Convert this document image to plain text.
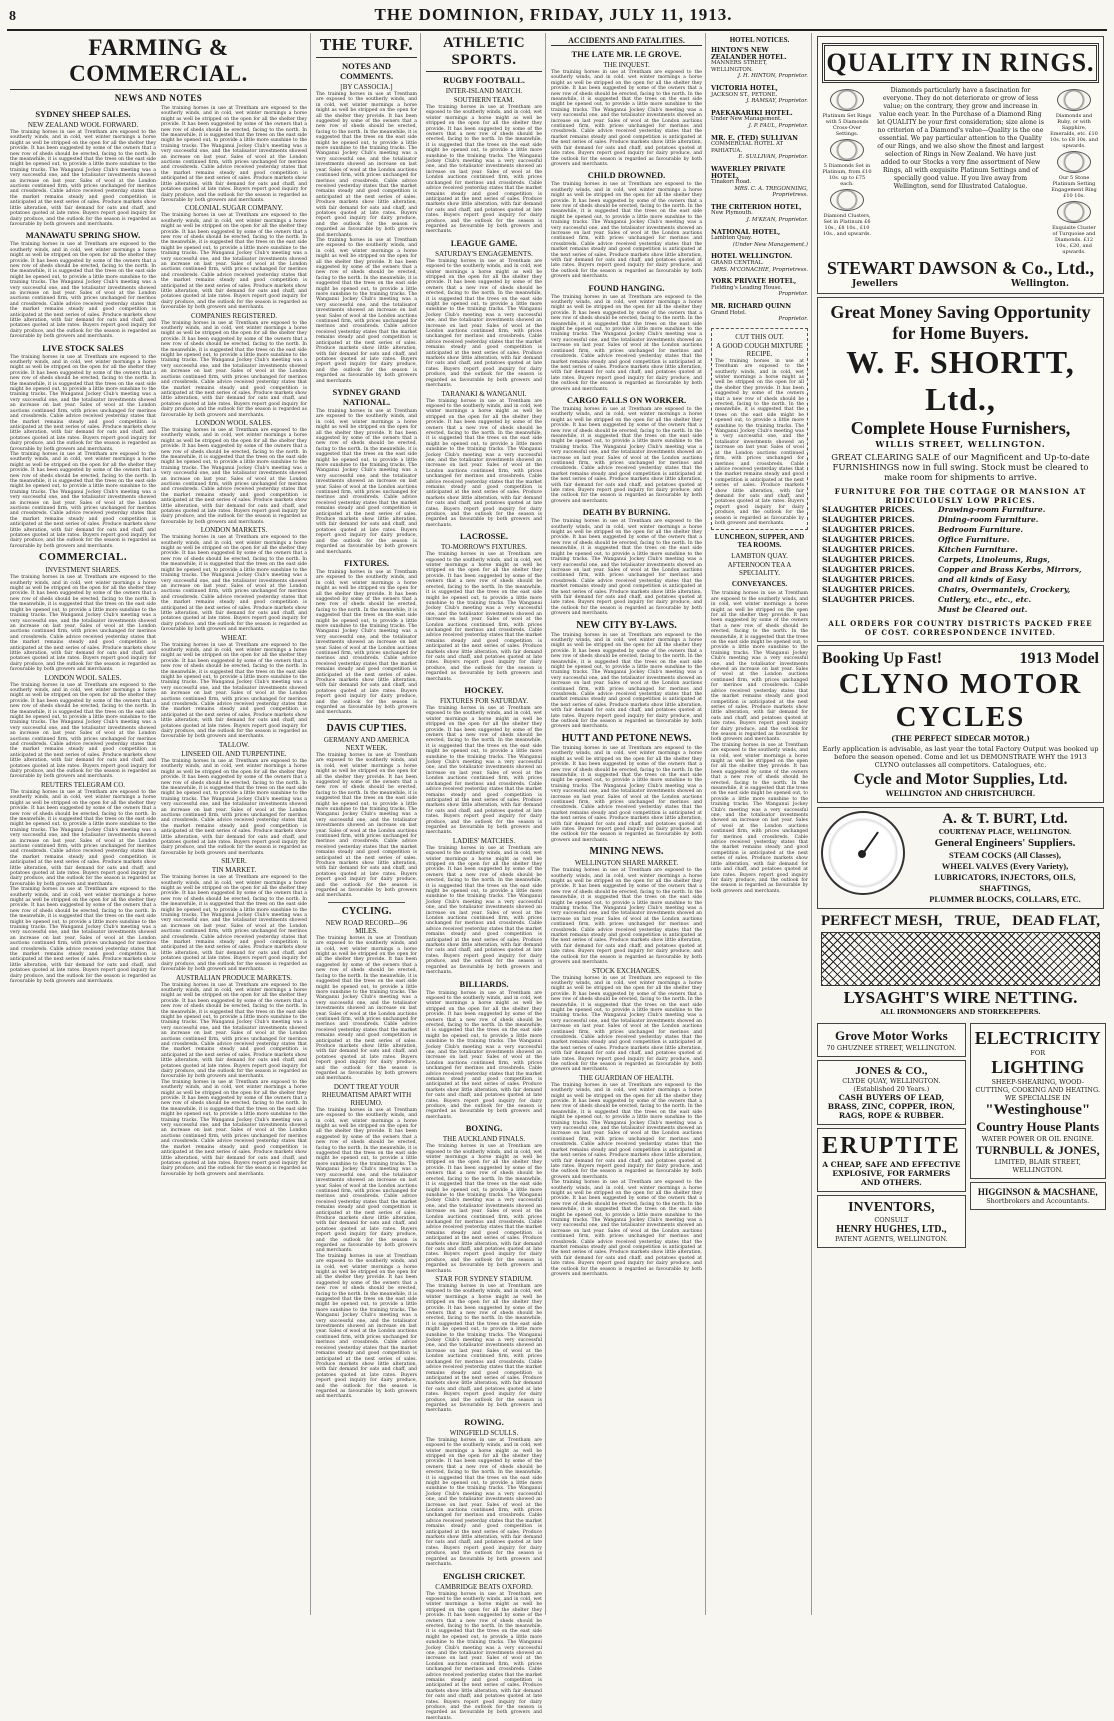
8	THE DOMINION, FRIDAY, JULY 11, 1913.
FARMING & COMMERCIAL.
NEWS AND NOTES
SYDNEY SHEEP SALES.
NEW ZEALAND WOOL FORWARD.

The training horses in use at Trentham are exposed to the southerly winds, and in cold, wet winter mornings a horse might as well be stripped on the open for all the shelter they provide. It has been suggested by some of the owners that a new row of sheds should be erected, facing to the north. In the meanwhile, it is suggested that the trees on the east side might be opened out, to provide a little more sunshine to the training tracks. The Wanganui Jockey Club's meeting was a very successful one, and the totalisator investments showed an increase on last year. Sales of wool at the London auctions continued firm, with prices unchanged for merinos and crossbreds. Cable advice received yesterday states that the market remains steady and good competition is anticipated at the next series of sales. Produce markets show little alteration, with fair demand for oats and chaff, and potatoes quoted at late rates. Buyers report good inquiry for dairy produce, and the outlook for the season is regarded as favourable by both growers and merchants.

MANAWATU SPRING SHOW.

The training horses in use at Trentham are exposed to the southerly winds, and in cold, wet winter mornings a horse might as well be stripped on the open for all the shelter they provide. It has been suggested by some of the owners that a new row of sheds should be erected, facing to the north. In the meanwhile, it is suggested that the trees on the east side might be opened out, to provide a little more sunshine to the training tracks. The Wanganui Jockey Club's meeting was a very successful one, and the totalisator investments showed an increase on last year. Sales of wool at the London auctions continued firm, with prices unchanged for merinos and crossbreds. Cable advice received yesterday states that the market remains steady and good competition is anticipated at the next series of sales. Produce markets show little alteration, with fair demand for oats and chaff, and potatoes quoted at late rates. Buyers report good inquiry for dairy produce, and the outlook for the season is regarded as favourable by both growers and merchants.

LIVE STOCK SALES

The training horses in use at Trentham are exposed to the southerly winds, and in cold, wet winter mornings a horse might as well be stripped on the open for all the shelter they provide. It has been suggested by some of the owners that a new row of sheds should be erected, facing to the north. In the meanwhile, it is suggested that the trees on the east side might be opened out, to provide a little more sunshine to the training tracks. The Wanganui Jockey Club's meeting was a very successful one, and the totalisator investments showed an increase on last year. Sales of wool at the London auctions continued firm, with prices unchanged for merinos and crossbreds. Cable advice received yesterday states that the market remains steady and good competition is anticipated at the next series of sales. Produce markets show little alteration, with fair demand for oats and chaff, and potatoes quoted at late rates. Buyers report good inquiry for dairy produce, and the outlook for the season is regarded as favourable by both growers and merchants.

The training horses in use at Trentham are exposed to the southerly winds, and in cold, wet winter mornings a horse might as well be stripped on the open for all the shelter they provide. It has been suggested by some of the owners that a new row of sheds should be erected, facing to the north. In the meanwhile, it is suggested that the trees on the east side might be opened out, to provide a little more sunshine to the training tracks. The Wanganui Jockey Club's meeting was a very successful one, and the totalisator investments showed an increase on last year. Sales of wool at the London auctions continued firm, with prices unchanged for merinos and crossbreds. Cable advice received yesterday states that the market remains steady and good competition is anticipated at the next series of sales. Produce markets show little alteration, with fair demand for oats and chaff, and potatoes quoted at late rates. Buyers report good inquiry for dairy produce, and the outlook for the season is regarded as favourable by both growers and merchants.

COMMERCIAL.
INVESTMENT SHARES.

The training horses in use at Trentham are exposed to the southerly winds, and in cold, wet winter mornings a horse might as well be stripped on the open for all the shelter they provide. It has been suggested by some of the owners that a new row of sheds should be erected, facing to the north. In the meanwhile, it is suggested that the trees on the east side might be opened out, to provide a little more sunshine to the training tracks. The Wanganui Jockey Club's meeting was a very successful one, and the totalisator investments showed an increase on last year. Sales of wool at the London auctions continued firm, with prices unchanged for merinos and crossbreds. Cable advice received yesterday states that the market remains steady and good competition is anticipated at the next series of sales. Produce markets show little alteration, with fair demand for oats and chaff, and potatoes quoted at late rates. Buyers report good inquiry for dairy produce, and the outlook for the season is regarded as favourable by both growers and merchants.

LONDON WOOL SALES.

The training horses in use at Trentham are exposed to the southerly winds, and in cold, wet winter mornings a horse might as well be stripped on the open for all the shelter they provide. It has been suggested by some of the owners that a new row of sheds should be erected, facing to the north. In the meanwhile, it is suggested that the trees on the east side might be opened out, to provide a little more sunshine to the training tracks. The Wanganui Jockey Club's meeting was a very successful one, and the totalisator investments showed an increase on last year. Sales of wool at the London auctions continued firm, with prices unchanged for merinos and crossbreds. Cable advice received yesterday states that the market remains steady and good competition is anticipated at the next series of sales. Produce markets show little alteration, with fair demand for oats and chaff, and potatoes quoted at late rates. Buyers report good inquiry for dairy produce, and the outlook for the season is regarded as favourable by both growers and merchants.

REUTERS TELEGRAM CO.

The training horses in use at Trentham are exposed to the southerly winds, and in cold, wet winter mornings a horse might as well be stripped on the open for all the shelter they provide. It has been suggested by some of the owners that a new row of sheds should be erected, facing to the north. In the meanwhile, it is suggested that the trees on the east side might be opened out, to provide a little more sunshine to the training tracks. The Wanganui Jockey Club's meeting was a very successful one, and the totalisator investments showed an increase on last year. Sales of wool at the London auctions continued firm, with prices unchanged for merinos and crossbreds. Cable advice received yesterday states that the market remains steady and good competition is anticipated at the next series of sales. Produce markets show little alteration, with fair demand for oats and chaff, and potatoes quoted at late rates. Buyers report good inquiry for dairy produce, and the outlook for the season is regarded as favourable by both growers and merchants.

The training horses in use at Trentham are exposed to the southerly winds, and in cold, wet winter mornings a horse might as well be stripped on the open for all the shelter they provide. It has been suggested by some of the owners that a new row of sheds should be erected, facing to the north. In the meanwhile, it is suggested that the trees on the east side might be opened out, to provide a little more sunshine to the training tracks. The Wanganui Jockey Club's meeting was a very successful one, and the totalisator investments showed an increase on last year. Sales of wool at the London auctions continued firm, with prices unchanged for merinos and crossbreds. Cable advice received yesterday states that the market remains steady and good competition is anticipated at the next series of sales. Produce markets show little alteration, with fair demand for oats and chaff, and potatoes quoted at late rates. Buyers report good inquiry for dairy produce, and the outlook for the season is regarded as favourable by both growers and merchants.

The training horses in use at Trentham are exposed to the southerly winds, and in cold, wet winter mornings a horse might as well be stripped on the open for all the shelter they provide. It has been suggested by some of the owners that a new row of sheds should be erected, facing to the north. In the meanwhile, it is suggested that the trees on the east side might be opened out, to provide a little more sunshine to the training tracks. The Wanganui Jockey Club's meeting was a very successful one, and the totalisator investments showed an increase on last year. Sales of wool at the London auctions continued firm, with prices unchanged for merinos and crossbreds. Cable advice received yesterday states that the market remains steady and good competition is anticipated at the next series of sales. Produce markets show little alteration, with fair demand for oats and chaff, and potatoes quoted at late rates. Buyers report good inquiry for dairy produce, and the outlook for the season is regarded as favourable by both growers and merchants.

COLONIAL SUGAR COMPANY.

The training horses in use at Trentham are exposed to the southerly winds, and in cold, wet winter mornings a horse might as well be stripped on the open for all the shelter they provide. It has been suggested by some of the owners that a new row of sheds should be erected, facing to the north. In the meanwhile, it is suggested that the trees on the east side might be opened out, to provide a little more sunshine to the training tracks. The Wanganui Jockey Club's meeting was a very successful one, and the totalisator investments showed an increase on last year. Sales of wool at the London auctions continued firm, with prices unchanged for merinos and crossbreds. Cable advice received yesterday states that the market remains steady and good competition is anticipated at the next series of sales. Produce markets show little alteration, with fair demand for oats and chaff, and potatoes quoted at late rates. Buyers report good inquiry for dairy produce, and the outlook for the season is regarded as favourable by both growers and merchants.

COMPANIES REGISTERED.

The training horses in use at Trentham are exposed to the southerly winds, and in cold, wet winter mornings a horse might as well be stripped on the open for all the shelter they provide. It has been suggested by some of the owners that a new row of sheds should be erected, facing to the north. In the meanwhile, it is suggested that the trees on the east side might be opened out, to provide a little more sunshine to the training tracks. The Wanganui Jockey Club's meeting was a very successful one, and the totalisator investments showed an increase on last year. Sales of wool at the London auctions continued firm, with prices unchanged for merinos and crossbreds. Cable advice received yesterday states that the market remains steady and good competition is anticipated at the next series of sales. Produce markets show little alteration, with fair demand for oats and chaff, and potatoes quoted at late rates. Buyers report good inquiry for dairy produce, and the outlook for the season is regarded as favourable by both growers and merchants.

LONDON WOOL SALES.

The training horses in use at Trentham are exposed to the southerly winds, and in cold, wet winter mornings a horse might as well be stripped on the open for all the shelter they provide. It has been suggested by some of the owners that a new row of sheds should be erected, facing to the north. In the meanwhile, it is suggested that the trees on the east side might be opened out, to provide a little more sunshine to the training tracks. The Wanganui Jockey Club's meeting was a very successful one, and the totalisator investments showed an increase on last year. Sales of wool at the London auctions continued firm, with prices unchanged for merinos and crossbreds. Cable advice received yesterday states that the market remains steady and good competition is anticipated at the next series of sales. Produce markets show little alteration, with fair demand for oats and chaff, and potatoes quoted at late rates. Buyers report good inquiry for dairy produce, and the outlook for the season is regarded as favourable by both growers and merchants.

LONDON MARKETS.

The training horses in use at Trentham are exposed to the southerly winds, and in cold, wet winter mornings a horse might as well be stripped on the open for all the shelter they provide. It has been suggested by some of the owners that a new row of sheds should be erected, facing to the north. In the meanwhile, it is suggested that the trees on the east side might be opened out, to provide a little more sunshine to the training tracks. The Wanganui Jockey Club's meeting was a very successful one, and the totalisator investments showed an increase on last year. Sales of wool at the London auctions continued firm, with prices unchanged for merinos and crossbreds. Cable advice received yesterday states that the market remains steady and good competition is anticipated at the next series of sales. Produce markets show little alteration, with fair demand for oats and chaff, and potatoes quoted at late rates. Buyers report good inquiry for dairy produce, and the outlook for the season is regarded as favourable by both growers and merchants.

WHEAT.

The training horses in use at Trentham are exposed to the southerly winds, and in cold, wet winter mornings a horse might as well be stripped on the open for all the shelter they provide. It has been suggested by some of the owners that a new row of sheds should be erected, facing to the north. In the meanwhile, it is suggested that the trees on the east side might be opened out, to provide a little more sunshine to the training tracks. The Wanganui Jockey Club's meeting was a very successful one, and the totalisator investments showed an increase on last year. Sales of wool at the London auctions continued firm, with prices unchanged for merinos and crossbreds. Cable advice received yesterday states that the market remains steady and good competition is anticipated at the next series of sales. Produce markets show little alteration, with fair demand for oats and chaff, and potatoes quoted at late rates. Buyers report good inquiry for dairy produce, and the outlook for the season is regarded as favourable by both growers and merchants.

TALLOW.
LINSEED OIL AND TURPENTINE.

The training horses in use at Trentham are exposed to the southerly winds, and in cold, wet winter mornings a horse might as well be stripped on the open for all the shelter they provide. It has been suggested by some of the owners that a new row of sheds should be erected, facing to the north. In the meanwhile, it is suggested that the trees on the east side might be opened out, to provide a little more sunshine to the training tracks. The Wanganui Jockey Club's meeting was a very successful one, and the totalisator investments showed an increase on last year. Sales of wool at the London auctions continued firm, with prices unchanged for merinos and crossbreds. Cable advice received yesterday states that the market remains steady and good competition is anticipated at the next series of sales. Produce markets show little alteration, with fair demand for oats and chaff, and potatoes quoted at late rates. Buyers report good inquiry for dairy produce, and the outlook for the season is regarded as favourable by both growers and merchants.

SILVER.
TIN MARKET.

The training horses in use at Trentham are exposed to the southerly winds, and in cold, wet winter mornings a horse might as well be stripped on the open for all the shelter they provide. It has been suggested by some of the owners that a new row of sheds should be erected, facing to the north. In the meanwhile, it is suggested that the trees on the east side might be opened out, to provide a little more sunshine to the training tracks. The Wanganui Jockey Club's meeting was a very successful one, and the totalisator investments showed an increase on last year. Sales of wool at the London auctions continued firm, with prices unchanged for merinos and crossbreds. Cable advice received yesterday states that the market remains steady and good competition is anticipated at the next series of sales. Produce markets show little alteration, with fair demand for oats and chaff, and potatoes quoted at late rates. Buyers report good inquiry for dairy produce, and the outlook for the season is regarded as favourable by both growers and merchants.

AUSTRALIAN PRODUCE MARKETS.

The training horses in use at Trentham are exposed to the southerly winds, and in cold, wet winter mornings a horse might as well be stripped on the open for all the shelter they provide. It has been suggested by some of the owners that a new row of sheds should be erected, facing to the north. In the meanwhile, it is suggested that the trees on the east side might be opened out, to provide a little more sunshine to the training tracks. The Wanganui Jockey Club's meeting was a very successful one, and the totalisator investments showed an increase on last year. Sales of wool at the London auctions continued firm, with prices unchanged for merinos and crossbreds. Cable advice received yesterday states that the market remains steady and good competition is anticipated at the next series of sales. Produce markets show little alteration, with fair demand for oats and chaff, and potatoes quoted at late rates. Buyers report good inquiry for dairy produce, and the outlook for the season is regarded as favourable by both growers and merchants.

The training horses in use at Trentham are exposed to the southerly winds, and in cold, wet winter mornings a horse might as well be stripped on the open for all the shelter they provide. It has been suggested by some of the owners that a new row of sheds should be erected, facing to the north. In the meanwhile, it is suggested that the trees on the east side might be opened out, to provide a little more sunshine to the training tracks. The Wanganui Jockey Club's meeting was a very successful one, and the totalisator investments showed an increase on last year. Sales of wool at the London auctions continued firm, with prices unchanged for merinos and crossbreds. Cable advice received yesterday states that the market remains steady and good competition is anticipated at the next series of sales. Produce markets show little alteration, with fair demand for oats and chaff, and potatoes quoted at late rates. Buyers report good inquiry for dairy produce, and the outlook for the season is regarded as favourable by both growers and merchants.

THE TURF.
NOTES AND COMMENTS.
[BY CASSOCIA.]

The training horses in use at Trentham are exposed to the southerly winds, and in cold, wet winter mornings a horse might as well be stripped on the open for all the shelter they provide. It has been suggested by some of the owners that a new row of sheds should be erected, facing to the north. In the meanwhile, it is suggested that the trees on the east side might be opened out, to provide a little more sunshine to the training tracks. The Wanganui Jockey Club's meeting was a very successful one, and the totalisator investments showed an increase on last year. Sales of wool at the London auctions continued firm, with prices unchanged for merinos and crossbreds. Cable advice received yesterday states that the market remains steady and good competition is anticipated at the next series of sales. Produce markets show little alteration, with fair demand for oats and chaff, and potatoes quoted at late rates. Buyers report good inquiry for dairy produce, and the outlook for the season is regarded as favourable by both growers and merchants.

The training horses in use at Trentham are exposed to the southerly winds, and in cold, wet winter mornings a horse might as well be stripped on the open for all the shelter they provide. It has been suggested by some of the owners that a new row of sheds should be erected, facing to the north. In the meanwhile, it is suggested that the trees on the east side might be opened out, to provide a little more sunshine to the training tracks. The Wanganui Jockey Club's meeting was a very successful one, and the totalisator investments showed an increase on last year. Sales of wool at the London auctions continued firm, with prices unchanged for merinos and crossbreds. Cable advice received yesterday states that the market remains steady and good competition is anticipated at the next series of sales. Produce markets show little alteration, with fair demand for oats and chaff, and potatoes quoted at late rates. Buyers report good inquiry for dairy produce, and the outlook for the season is regarded as favourable by both growers and merchants.

SYDNEY GRAND NATIONAL.

The training horses in use at Trentham are exposed to the southerly winds, and in cold, wet winter mornings a horse might as well be stripped on the open for all the shelter they provide. It has been suggested by some of the owners that a new row of sheds should be erected, facing to the north. In the meanwhile, it is suggested that the trees on the east side might be opened out, to provide a little more sunshine to the training tracks. The Wanganui Jockey Club's meeting was a very successful one, and the totalisator investments showed an increase on last year. Sales of wool at the London auctions continued firm, with prices unchanged for merinos and crossbreds. Cable advice received yesterday states that the market remains steady and good competition is anticipated at the next series of sales. Produce markets show little alteration, with fair demand for oats and chaff, and potatoes quoted at late rates. Buyers report good inquiry for dairy produce, and the outlook for the season is regarded as favourable by both growers and merchants.

FIXTURES.

The training horses in use at Trentham are exposed to the southerly winds, and in cold, wet winter mornings a horse might as well be stripped on the open for all the shelter they provide. It has been suggested by some of the owners that a new row of sheds should be erected, facing to the north. In the meanwhile, it is suggested that the trees on the east side might be opened out, to provide a little more sunshine to the training tracks. The Wanganui Jockey Club's meeting was a very successful one, and the totalisator investments showed an increase on last year. Sales of wool at the London auctions continued firm, with prices unchanged for merinos and crossbreds. Cable advice received yesterday states that the market remains steady and good competition is anticipated at the next series of sales. Produce markets show little alteration, with fair demand for oats and chaff, and potatoes quoted at late rates. Buyers report good inquiry for dairy produce, and the outlook for the season is regarded as favourable by both growers and merchants.

DAVIS CUP TIES.
GERMANY AND AMERICA NEXT WEEK.

The training horses in use at Trentham are exposed to the southerly winds, and in cold, wet winter mornings a horse might as well be stripped on the open for all the shelter they provide. It has been suggested by some of the owners that a new row of sheds should be erected, facing to the north. In the meanwhile, it is suggested that the trees on the east side might be opened out, to provide a little more sunshine to the training tracks. The Wanganui Jockey Club's meeting was a very successful one, and the totalisator investments showed an increase on last year. Sales of wool at the London auctions continued firm, with prices unchanged for merinos and crossbreds. Cable advice received yesterday states that the market remains steady and good competition is anticipated at the next series of sales. Produce markets show little alteration, with fair demand for oats and chaff, and potatoes quoted at late rates. Buyers report good inquiry for dairy produce, and the outlook for the season is regarded as favourable by both growers and merchants.

CYCLING.
NEW ROAD RECORD—96 MILES.

The training horses in use at Trentham are exposed to the southerly winds, and in cold, wet winter mornings a horse might as well be stripped on the open for all the shelter they provide. It has been suggested by some of the owners that a new row of sheds should be erected, facing to the north. In the meanwhile, it is suggested that the trees on the east side might be opened out, to provide a little more sunshine to the training tracks. The Wanganui Jockey Club's meeting was a very successful one, and the totalisator investments showed an increase on last year. Sales of wool at the London auctions continued firm, with prices unchanged for merinos and crossbreds. Cable advice received yesterday states that the market remains steady and good competition is anticipated at the next series of sales. Produce markets show little alteration, with fair demand for oats and chaff, and potatoes quoted at late rates. Buyers report good inquiry for dairy produce, and the outlook for the season is regarded as favourable by both growers and merchants.

DON'T TREAT YOUR RHEUMATISM APART WITH RHEUMO.

The training horses in use at Trentham are exposed to the southerly winds, and in cold, wet winter mornings a horse might as well be stripped on the open for all the shelter they provide. It has been suggested by some of the owners that a new row of sheds should be erected, facing to the north. In the meanwhile, it is suggested that the trees on the east side might be opened out, to provide a little more sunshine to the training tracks. The Wanganui Jockey Club's meeting was a very successful one, and the totalisator investments showed an increase on last year. Sales of wool at the London auctions continued firm, with prices unchanged for merinos and crossbreds. Cable advice received yesterday states that the market remains steady and good competition is anticipated at the next series of sales. Produce markets show little alteration, with fair demand for oats and chaff, and potatoes quoted at late rates. Buyers report good inquiry for dairy produce, and the outlook for the season is regarded as favourable by both growers and merchants.

The training horses in use at Trentham are exposed to the southerly winds, and in cold, wet winter mornings a horse might as well be stripped on the open for all the shelter they provide. It has been suggested by some of the owners that a new row of sheds should be erected, facing to the north. In the meanwhile, it is suggested that the trees on the east side might be opened out, to provide a little more sunshine to the training tracks. The Wanganui Jockey Club's meeting was a very successful one, and the totalisator investments showed an increase on last year. Sales of wool at the London auctions continued firm, with prices unchanged for merinos and crossbreds. Cable advice received yesterday states that the market remains steady and good competition is anticipated at the next series of sales. Produce markets show little alteration, with fair demand for oats and chaff, and potatoes quoted at late rates. Buyers report good inquiry for dairy produce, and the outlook for the season is regarded as favourable by both growers and merchants.

ATHLETIC SPORTS.
RUGBY FOOTBALL.
INTER-ISLAND MATCH.
SOUTHERN TEAM.

The training horses in use at Trentham are exposed to the southerly winds, and in cold, wet winter mornings a horse might as well be stripped on the open for all the shelter they provide. It has been suggested by some of the owners that a new row of sheds should be erected, facing to the north. In the meanwhile, it is suggested that the trees on the east side might be opened out, to provide a little more sunshine to the training tracks. The Wanganui Jockey Club's meeting was a very successful one, and the totalisator investments showed an increase on last year. Sales of wool at the London auctions continued firm, with prices unchanged for merinos and crossbreds. Cable advice received yesterday states that the market remains steady and good competition is anticipated at the next series of sales. Produce markets show little alteration, with fair demand for oats and chaff, and potatoes quoted at late rates. Buyers report good inquiry for dairy produce, and the outlook for the season is regarded as favourable by both growers and merchants.

LEAGUE GAME.
SATURDAY'S ENGAGEMENTS.

The training horses in use at Trentham are exposed to the southerly winds, and in cold, wet winter mornings a horse might as well be stripped on the open for all the shelter they provide. It has been suggested by some of the owners that a new row of sheds should be erected, facing to the north. In the meanwhile, it is suggested that the trees on the east side might be opened out, to provide a little more sunshine to the training tracks. The Wanganui Jockey Club's meeting was a very successful one, and the totalisator investments showed an increase on last year. Sales of wool at the London auctions continued firm, with prices unchanged for merinos and crossbreds. Cable advice received yesterday states that the market remains steady and good competition is anticipated at the next series of sales. Produce markets show little alteration, with fair demand for oats and chaff, and potatoes quoted at late rates. Buyers report good inquiry for dairy produce, and the outlook for the season is regarded as favourable by both growers and merchants.

TARANAKI & WANGANUI.

The training horses in use at Trentham are exposed to the southerly winds, and in cold, wet winter mornings a horse might as well be stripped on the open for all the shelter they provide. It has been suggested by some of the owners that a new row of sheds should be erected, facing to the north. In the meanwhile, it is suggested that the trees on the east side might be opened out, to provide a little more sunshine to the training tracks. The Wanganui Jockey Club's meeting was a very successful one, and the totalisator investments showed an increase on last year. Sales of wool at the London auctions continued firm, with prices unchanged for merinos and crossbreds. Cable advice received yesterday states that the market remains steady and good competition is anticipated at the next series of sales. Produce markets show little alteration, with fair demand for oats and chaff, and potatoes quoted at late rates. Buyers report good inquiry for dairy produce, and the outlook for the season is regarded as favourable by both growers and merchants.

LACROSSE.
TO-MORROW'S FIXTURES.

The training horses in use at Trentham are exposed to the southerly winds, and in cold, wet winter mornings a horse might as well be stripped on the open for all the shelter they provide. It has been suggested by some of the owners that a new row of sheds should be erected, facing to the north. In the meanwhile, it is suggested that the trees on the east side might be opened out, to provide a little more sunshine to the training tracks. The Wanganui Jockey Club's meeting was a very successful one, and the totalisator investments showed an increase on last year. Sales of wool at the London auctions continued firm, with prices unchanged for merinos and crossbreds. Cable advice received yesterday states that the market remains steady and good competition is anticipated at the next series of sales. Produce markets show little alteration, with fair demand for oats and chaff, and potatoes quoted at late rates. Buyers report good inquiry for dairy produce, and the outlook for the season is regarded as favourable by both growers and merchants.

HOCKEY.
FIXTURES FOR SATURDAY.

The training horses in use at Trentham are exposed to the southerly winds, and in cold, wet winter mornings a horse might as well be stripped on the open for all the shelter they provide. It has been suggested by some of the owners that a new row of sheds should be erected, facing to the north. In the meanwhile, it is suggested that the trees on the east side might be opened out, to provide a little more sunshine to the training tracks. The Wanganui Jockey Club's meeting was a very successful one, and the totalisator investments showed an increase on last year. Sales of wool at the London auctions continued firm, with prices unchanged for merinos and crossbreds. Cable advice received yesterday states that the market remains steady and good competition is anticipated at the next series of sales. Produce markets show little alteration, with fair demand for oats and chaff, and potatoes quoted at late rates. Buyers report good inquiry for dairy produce, and the outlook for the season is regarded as favourable by both growers and merchants.

LADIES' MATCHES.

The training horses in use at Trentham are exposed to the southerly winds, and in cold, wet winter mornings a horse might as well be stripped on the open for all the shelter they provide. It has been suggested by some of the owners that a new row of sheds should be erected, facing to the north. In the meanwhile, it is suggested that the trees on the east side might be opened out, to provide a little more sunshine to the training tracks. The Wanganui Jockey Club's meeting was a very successful one, and the totalisator investments showed an increase on last year. Sales of wool at the London auctions continued firm, with prices unchanged for merinos and crossbreds. Cable advice received yesterday states that the market remains steady and good competition is anticipated at the next series of sales. Produce markets show little alteration, with fair demand for oats and chaff, and potatoes quoted at late rates. Buyers report good inquiry for dairy produce, and the outlook for the season is regarded as favourable by both growers and merchants.

BILLIARDS.

The training horses in use at Trentham are exposed to the southerly winds, and in cold, wet winter mornings a horse might as well be stripped on the open for all the shelter they provide. It has been suggested by some of the owners that a new row of sheds should be erected, facing to the north. In the meanwhile, it is suggested that the trees on the east side might be opened out, to provide a little more sunshine to the training tracks. The Wanganui Jockey Club's meeting was a very successful one, and the totalisator investments showed an increase on last year. Sales of wool at the London auctions continued firm, with prices unchanged for merinos and crossbreds. Cable advice received yesterday states that the market remains steady and good competition is anticipated at the next series of sales. Produce markets show little alteration, with fair demand for oats and chaff, and potatoes quoted at late rates. Buyers report good inquiry for dairy produce, and the outlook for the season is regarded as favourable by both growers and merchants.

BOXING.
THE AUCKLAND FINALS.

The training horses in use at Trentham are exposed to the southerly winds, and in cold, wet winter mornings a horse might as well be stripped on the open for all the shelter they provide. It has been suggested by some of the owners that a new row of sheds should be erected, facing to the north. In the meanwhile, it is suggested that the trees on the east side might be opened out, to provide a little more sunshine to the training tracks. The Wanganui Jockey Club's meeting was a very successful one, and the totalisator investments showed an increase on last year. Sales of wool at the London auctions continued firm, with prices unchanged for merinos and crossbreds. Cable advice received yesterday states that the market remains steady and good competition is anticipated at the next series of sales. Produce markets show little alteration, with fair demand for oats and chaff, and potatoes quoted at late rates. Buyers report good inquiry for dairy produce, and the outlook for the season is regarded as favourable by both growers and merchants.

STAR FOR SYDNEY STADIUM.

The training horses in use at Trentham are exposed to the southerly winds, and in cold, wet winter mornings a horse might as well be stripped on the open for all the shelter they provide. It has been suggested by some of the owners that a new row of sheds should be erected, facing to the north. In the meanwhile, it is suggested that the trees on the east side might be opened out, to provide a little more sunshine to the training tracks. The Wanganui Jockey Club's meeting was a very successful one, and the totalisator investments showed an increase on last year. Sales of wool at the London auctions continued firm, with prices unchanged for merinos and crossbreds. Cable advice received yesterday states that the market remains steady and good competition is anticipated at the next series of sales. Produce markets show little alteration, with fair demand for oats and chaff, and potatoes quoted at late rates. Buyers report good inquiry for dairy produce, and the outlook for the season is regarded as favourable by both growers and merchants.

ROWING.
WINGFIELD SCULLS.

The training horses in use at Trentham are exposed to the southerly winds, and in cold, wet winter mornings a horse might as well be stripped on the open for all the shelter they provide. It has been suggested by some of the owners that a new row of sheds should be erected, facing to the north. In the meanwhile, it is suggested that the trees on the east side might be opened out, to provide a little more sunshine to the training tracks. The Wanganui Jockey Club's meeting was a very successful one, and the totalisator investments showed an increase on last year. Sales of wool at the London auctions continued firm, with prices unchanged for merinos and crossbreds. Cable advice received yesterday states that the market remains steady and good competition is anticipated at the next series of sales. Produce markets show little alteration, with fair demand for oats and chaff, and potatoes quoted at late rates. Buyers report good inquiry for dairy produce, and the outlook for the season is regarded as favourable by both growers and merchants.

ENGLISH CRICKET.
CAMBRIDGE BEATS OXFORD.

The training horses in use at Trentham are exposed to the southerly winds, and in cold, wet winter mornings a horse might as well be stripped on the open for all the shelter they provide. It has been suggested by some of the owners that a new row of sheds should be erected, facing to the north. In the meanwhile, it is suggested that the trees on the east side might be opened out, to provide a little more sunshine to the training tracks. The Wanganui Jockey Club's meeting was a very successful one, and the totalisator investments showed an increase on last year. Sales of wool at the London auctions continued firm, with prices unchanged for merinos and crossbreds. Cable advice received yesterday states that the market remains steady and good competition is anticipated at the next series of sales. Produce markets show little alteration, with fair demand for oats and chaff, and potatoes quoted at late rates. Buyers report good inquiry for dairy produce, and the outlook for the season is regarded as favourable by both growers and merchants.

ACCIDENTS AND FATALITIES.
THE LATE MR. LE GROVE.
THE INQUEST.

The training horses in use at Trentham are exposed to the southerly winds, and in cold, wet winter mornings a horse might as well be stripped on the open for all the shelter they provide. It has been suggested by some of the owners that a new row of sheds should be erected, facing to the north. In the meanwhile, it is suggested that the trees on the east side might be opened out, to provide a little more sunshine to the training tracks. The Wanganui Jockey Club's meeting was a very successful one, and the totalisator investments showed an increase on last year. Sales of wool at the London auctions continued firm, with prices unchanged for merinos and crossbreds. Cable advice received yesterday states that the market remains steady and good competition is anticipated at the next series of sales. Produce markets show little alteration, with fair demand for oats and chaff, and potatoes quoted at late rates. Buyers report good inquiry for dairy produce, and the outlook for the season is regarded as favourable by both growers and merchants.

CHILD DROWNED.

The training horses in use at Trentham are exposed to the southerly winds, and in cold, wet winter mornings a horse might as well be stripped on the open for all the shelter they provide. It has been suggested by some of the owners that a new row of sheds should be erected, facing to the north. In the meanwhile, it is suggested that the trees on the east side might be opened out, to provide a little more sunshine to the training tracks. The Wanganui Jockey Club's meeting was a very successful one, and the totalisator investments showed an increase on last year. Sales of wool at the London auctions continued firm, with prices unchanged for merinos and crossbreds. Cable advice received yesterday states that the market remains steady and good competition is anticipated at the next series of sales. Produce markets show little alteration, with fair demand for oats and chaff, and potatoes quoted at late rates. Buyers report good inquiry for dairy produce, and the outlook for the season is regarded as favourable by both growers and merchants.

FOUND HANGING.

The training horses in use at Trentham are exposed to the southerly winds, and in cold, wet winter mornings a horse might as well be stripped on the open for all the shelter they provide. It has been suggested by some of the owners that a new row of sheds should be erected, facing to the north. In the meanwhile, it is suggested that the trees on the east side might be opened out, to provide a little more sunshine to the training tracks. The Wanganui Jockey Club's meeting was a very successful one, and the totalisator investments showed an increase on last year. Sales of wool at the London auctions continued firm, with prices unchanged for merinos and crossbreds. Cable advice received yesterday states that the market remains steady and good competition is anticipated at the next series of sales. Produce markets show little alteration, with fair demand for oats and chaff, and potatoes quoted at late rates. Buyers report good inquiry for dairy produce, and the outlook for the season is regarded as favourable by both growers and merchants.

CARGO FALLS ON WORKER.

The training horses in use at Trentham are exposed to the southerly winds, and in cold, wet winter mornings a horse might as well be stripped on the open for all the shelter they provide. It has been suggested by some of the owners that a new row of sheds should be erected, facing to the north. In the meanwhile, it is suggested that the trees on the east side might be opened out, to provide a little more sunshine to the training tracks. The Wanganui Jockey Club's meeting was a very successful one, and the totalisator investments showed an increase on last year. Sales of wool at the London auctions continued firm, with prices unchanged for merinos and crossbreds. Cable advice received yesterday states that the market remains steady and good competition is anticipated at the next series of sales. Produce markets show little alteration, with fair demand for oats and chaff, and potatoes quoted at late rates. Buyers report good inquiry for dairy produce, and the outlook for the season is regarded as favourable by both growers and merchants.

DEATH BY BURNING.

The training horses in use at Trentham are exposed to the southerly winds, and in cold, wet winter mornings a horse might as well be stripped on the open for all the shelter they provide. It has been suggested by some of the owners that a new row of sheds should be erected, facing to the north. In the meanwhile, it is suggested that the trees on the east side might be opened out, to provide a little more sunshine to the training tracks. The Wanganui Jockey Club's meeting was a very successful one, and the totalisator investments showed an increase on last year. Sales of wool at the London auctions continued firm, with prices unchanged for merinos and crossbreds. Cable advice received yesterday states that the market remains steady and good competition is anticipated at the next series of sales. Produce markets show little alteration, with fair demand for oats and chaff, and potatoes quoted at late rates. Buyers report good inquiry for dairy produce, and the outlook for the season is regarded as favourable by both growers and merchants.

NEW CITY BY-LAWS.

The training horses in use at Trentham are exposed to the southerly winds, and in cold, wet winter mornings a horse might as well be stripped on the open for all the shelter they provide. It has been suggested by some of the owners that a new row of sheds should be erected, facing to the north. In the meanwhile, it is suggested that the trees on the east side might be opened out, to provide a little more sunshine to the training tracks. The Wanganui Jockey Club's meeting was a very successful one, and the totalisator investments showed an increase on last year. Sales of wool at the London auctions continued firm, with prices unchanged for merinos and crossbreds. Cable advice received yesterday states that the market remains steady and good competition is anticipated at the next series of sales. Produce markets show little alteration, with fair demand for oats and chaff, and potatoes quoted at late rates. Buyers report good inquiry for dairy produce, and the outlook for the season is regarded as favourable by both growers and merchants.

HUTT AND PETONE NEWS.

The training horses in use at Trentham are exposed to the southerly winds, and in cold, wet winter mornings a horse might as well be stripped on the open for all the shelter they provide. It has been suggested by some of the owners that a new row of sheds should be erected, facing to the north. In the meanwhile, it is suggested that the trees on the east side might be opened out, to provide a little more sunshine to the training tracks. The Wanganui Jockey Club's meeting was a very successful one, and the totalisator investments showed an increase on last year. Sales of wool at the London auctions continued firm, with prices unchanged for merinos and crossbreds. Cable advice received yesterday states that the market remains steady and good competition is anticipated at the next series of sales. Produce markets show little alteration, with fair demand for oats and chaff, and potatoes quoted at late rates. Buyers report good inquiry for dairy produce, and the outlook for the season is regarded as favourable by both growers and merchants.

MINING NEWS.
WELLINGTON SHARE MARKET.

The training horses in use at Trentham are exposed to the southerly winds, and in cold, wet winter mornings a horse might as well be stripped on the open for all the shelter they provide. It has been suggested by some of the owners that a new row of sheds should be erected, facing to the north. In the meanwhile, it is suggested that the trees on the east side might be opened out, to provide a little more sunshine to the training tracks. The Wanganui Jockey Club's meeting was a very successful one, and the totalisator investments showed an increase on last year. Sales of wool at the London auctions continued firm, with prices unchanged for merinos and crossbreds. Cable advice received yesterday states that the market remains steady and good competition is anticipated at the next series of sales. Produce markets show little alteration, with fair demand for oats and chaff, and potatoes quoted at late rates. Buyers report good inquiry for dairy produce, and the outlook for the season is regarded as favourable by both growers and merchants.

STOCK EXCHANGES.

The training horses in use at Trentham are exposed to the southerly winds, and in cold, wet winter mornings a horse might as well be stripped on the open for all the shelter they provide. It has been suggested by some of the owners that a new row of sheds should be erected, facing to the north. In the meanwhile, it is suggested that the trees on the east side might be opened out, to provide a little more sunshine to the training tracks. The Wanganui Jockey Club's meeting was a very successful one, and the totalisator investments showed an increase on last year. Sales of wool at the London auctions continued firm, with prices unchanged for merinos and crossbreds. Cable advice received yesterday states that the market remains steady and good competition is anticipated at the next series of sales. Produce markets show little alteration, with fair demand for oats and chaff, and potatoes quoted at late rates. Buyers report good inquiry for dairy produce, and the outlook for the season is regarded as favourable by both growers and merchants.

THE GUARDIAN OF HEALTH.

The training horses in use at Trentham are exposed to the southerly winds, and in cold, wet winter mornings a horse might as well be stripped on the open for all the shelter they provide. It has been suggested by some of the owners that a new row of sheds should be erected, facing to the north. In the meanwhile, it is suggested that the trees on the east side might be opened out, to provide a little more sunshine to the training tracks. The Wanganui Jockey Club's meeting was a very successful one, and the totalisator investments showed an increase on last year. Sales of wool at the London auctions continued firm, with prices unchanged for merinos and crossbreds. Cable advice received yesterday states that the market remains steady and good competition is anticipated at the next series of sales. Produce markets show little alteration, with fair demand for oats and chaff, and potatoes quoted at late rates. Buyers report good inquiry for dairy produce, and the outlook for the season is regarded as favourable by both growers and merchants.

The training horses in use at Trentham are exposed to the southerly winds, and in cold, wet winter mornings a horse might as well be stripped on the open for all the shelter they provide. It has been suggested by some of the owners that a new row of sheds should be erected, facing to the north. In the meanwhile, it is suggested that the trees on the east side might be opened out, to provide a little more sunshine to the training tracks. The Wanganui Jockey Club's meeting was a very successful one, and the totalisator investments showed an increase on last year. Sales of wool at the London auctions continued firm, with prices unchanged for merinos and crossbreds. Cable advice received yesterday states that the market remains steady and good competition is anticipated at the next series of sales. Produce markets show little alteration, with fair demand for oats and chaff, and potatoes quoted at late rates. Buyers report good inquiry for dairy produce, and the outlook for the season is regarded as favourable by both growers and merchants.

HOTEL NOTICES.
HINTON'S NEW ZEALANDER HOTEL.
MANNERS STREET, WELLINGTON.
J. H. HINTON, Proprietor.
VICTORIA HOTEL,
JACKSON ST., PETONE.
J. RAMSAY, Proprietor.
PAEKAKARIKI HOTEL.
Under New Management.
J. P. FAUL, Proprietor.
MR. E. (TED) SULLIVAN
COMMERCIAL HOTEL AT PAHIATUA.
E. SULLIVAN, Proprietor.
WAVERLEY PRIVATE HOTEL,
Tinakori Road.
MRS. C. A. TREGONNING, Proprietress.
THE CRITERION HOTEL,
New Plymouth.
J. M'KEAN, Proprietor.
NATIONAL HOTEL,
Lambton Quay.
(Under New Management.)
HOTEL WELLINGTON.
GRAND CENTRAL.
MRS. M'CONACHIE, Proprietress.
YORK PRIVATE HOTEL,
Fielding's Leading House.
Proprietor.
MR. RICHARD QUINN
Grand Hotel.
Proprietor.
CUT THIS OUT.
A GOOD COUGH MIXTURE RECIPE.

The training horses in use at Trentham are exposed to the southerly winds, and in cold, wet winter mornings a horse might as well be stripped on the open for all the shelter they provide. It has been suggested by some of the owners that a new row of sheds should be erected, facing to the north. In the meanwhile, it is suggested that the trees on the east side might be opened out, to provide a little more sunshine to the training tracks. The Wanganui Jockey Club's meeting was a very successful one, and the totalisator investments showed an increase on last year. Sales of wool at the London auctions continued firm, with prices unchanged for merinos and crossbreds. Cable advice received yesterday states that the market remains steady and good competition is anticipated at the next series of sales. Produce markets show little alteration, with fair demand for oats and chaff, and potatoes quoted at late rates. Buyers report good inquiry for dairy produce, and the outlook for the season is regarded as favourable by both growers and merchants.

LUNCHEON, SUPPER, AND TEA ROOMS.
LAMBTON QUAY.
AFTERNOON TEA A SPECIALITY.
CONVEYANCES.

The training horses in use at Trentham are exposed to the southerly winds, and in cold, wet winter mornings a horse might as well be stripped on the open for all the shelter they provide. It has been suggested by some of the owners that a new row of sheds should be erected, facing to the north. In the meanwhile, it is suggested that the trees on the east side might be opened out, to provide a little more sunshine to the training tracks. The Wanganui Jockey Club's meeting was a very successful one, and the totalisator investments showed an increase on last year. Sales of wool at the London auctions continued firm, with prices unchanged for merinos and crossbreds. Cable advice received yesterday states that the market remains steady and good competition is anticipated at the next series of sales. Produce markets show little alteration, with fair demand for oats and chaff, and potatoes quoted at late rates. Buyers report good inquiry for dairy produce, and the outlook for the season is regarded as favourable by both growers and merchants.

The training horses in use at Trentham are exposed to the southerly winds, and in cold, wet winter mornings a horse might as well be stripped on the open for all the shelter they provide. It has been suggested by some of the owners that a new row of sheds should be erected, facing to the north. In the meanwhile, it is suggested that the trees on the east side might be opened out, to provide a little more sunshine to the training tracks. The Wanganui Jockey Club's meeting was a very successful one, and the totalisator investments showed an increase on last year. Sales of wool at the London auctions continued firm, with prices unchanged for merinos and crossbreds. Cable advice received yesterday states that the market remains steady and good competition is anticipated at the next series of sales. Produce markets show little alteration, with fair demand for oats and chaff, and potatoes quoted at late rates. Buyers report good inquiry for dairy produce, and the outlook for the season is regarded as favourable by both growers and merchants.

QUALITY IN RINGS.
Platinum Set Rings with 5 Diamonds Cross-Over Settings.
5 Diamonds Set in Platinum, from £10 10s. up to £75 each.
Diamond Clusters, Set in Platinum £6 10s., £8 10s., £10 10s., and upwards.
Diamonds particularly have a fascination for everyone. They do not deteriorate or grow of less value; on the contrary, they grow and increase in value each year. In the Purchase of a Diamond Ring let QUALITY be your first consideration; size alone is no criterion of a Diamond's value—Quality is the one essential. We pay particular attention to the Quality of our Rings, and we also show the finest and largest selection of Rings in New Zealand. We have just added to our Stocks a very fine assortment of New Rings, all with exquisite Platinum Settings and of specially good value. If you live away from Wellington, send for Illustrated Catalogue.
Diamonds and Ruby, or with Sapphire, Emeralds, etc. £10 10s. to £8 10s. and upwards.
Our 5 Stone Platinum Setting Engagement Ring £10 10s.
Exquisite Cluster of Turquoise and Diamonds. £12 10s., £20, and upwards.
STEWART DAWSON & Co., Ltd.,
Jewellers	Wellington.
Great Money Saving Opportunity for Home Buyers.
W. F. SHORTT, Ltd.,
Complete House Furnishers,
WILLIS STREET, WELLINGTON.
GREAT CLEARING SALE of our Magnificent and Up-to-date FURNISHINGS now in full swing. Stock must be cleared to make room for shipments to arrive.
FURNITURE FOR THE COTTAGE OR MANSION AT RIDICULOUSLY LOW PRICES.
SLAUGHTER PRICES.
SLAUGHTER PRICES.
SLAUGHTER PRICES.
SLAUGHTER PRICES.
SLAUGHTER PRICES.
SLAUGHTER PRICES.
SLAUGHTER PRICES.
SLAUGHTER PRICES.
SLAUGHTER PRICES.
SLAUGHTER PRICES.
Drawing-room Furniture.
Dining-room Furniture.
Bedroom Furniture.
Office Furniture.
Kitchen Furniture.
Carpets, Linoleums, Rugs,
Copper and Brass Kerbs, Mirrors, and all kinds of Easy
Chairs, Overmantels, Crockery, Cutlery, etc., etc., etc.
Must be Cleared out.
ALL ORDERS FOR COUNTRY DISTRICTS PACKED FREE OF COST. CORRESPONDENCE INVITED.
Booking Up Fast!	1913 Model
CLYNO MOTOR CYCLES
(THE PERFECT SIDECAR MOTOR.)
Early application is advisable, as last year the total Factory Output was booked up before the season opened. Come and let us DEMONSTRATE WHY the 1913 CLYNO outclasses all competitors. Catalogues, etc.
Cycle and Motor Supplies, Ltd.
WELLINGTON AND CHRISTCHURCH.
A. & T. BURT, Ltd.
COURTENAY PLACE, WELLINGTON.
General Engineers' Suppliers.
STEAM COCKS (All Classes),
WHEEL VALVES (Every Variety),
LUBRICATORS, INJECTORS, OILS,
SHAFTINGS,
PLUMMER BLOCKS, COLLARS, ETC.
PERFECT MESH, TRUE, DEAD FLAT,
LYSAGHT'S WIRE NETTING.
ALL IRONMONGERS AND STOREKEEPERS.
Grove Motor Works
70 GHUZNEE STREET, WELLINGTON.
JONES & CO.,
CLYDE QUAY, WELLINGTON.
(Established 20 Years.)
CASH BUYERS OF LEAD, BRASS, ZINC, COPPER, IRON, RAGS, ROPE & RUBBER.
ERUPTITE
A CHEAP, SAFE AND EFFECTIVE EXPLOSIVE, FOR FARMERS AND OTHERS.
INVENTORS,
CONSULT
HENRY HUGHES, LTD.,
PATENT AGENTS, WELLINGTON.
ELECTRICITY
FOR
LIGHTING
SHEEP-SHEARING, WOOD-CUTTING, COOKING AND HEATING. WE SPECIALISE IN
"Westinghouse"
Country House Plants
WATER POWER OR OIL ENGINE.
TURNBULL & JONES,
LIMITED, BLAIR STREET, WELLINGTON.
HIGGINSON & MACSHANE,
Shortbrokers and Accountants.
